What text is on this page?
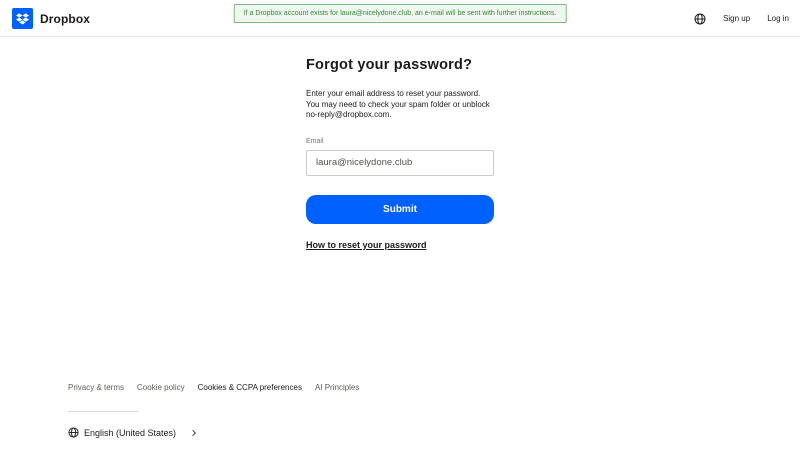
Dropbox	If a Dropbox account exists for laura@nicelydone.club, an e-mail will be sent with further instructions.
Sign up Log in
Forgot your password?
Enter your email address to reset your password.
You may need to check your spam folder or unblock
no-reply@dropbox.com.
Email
laura@nicelydone.club Submit How to reset your password
Privacy & terms Cookie policy Cookies & CCPA preferences AI Principles
English (United States)
